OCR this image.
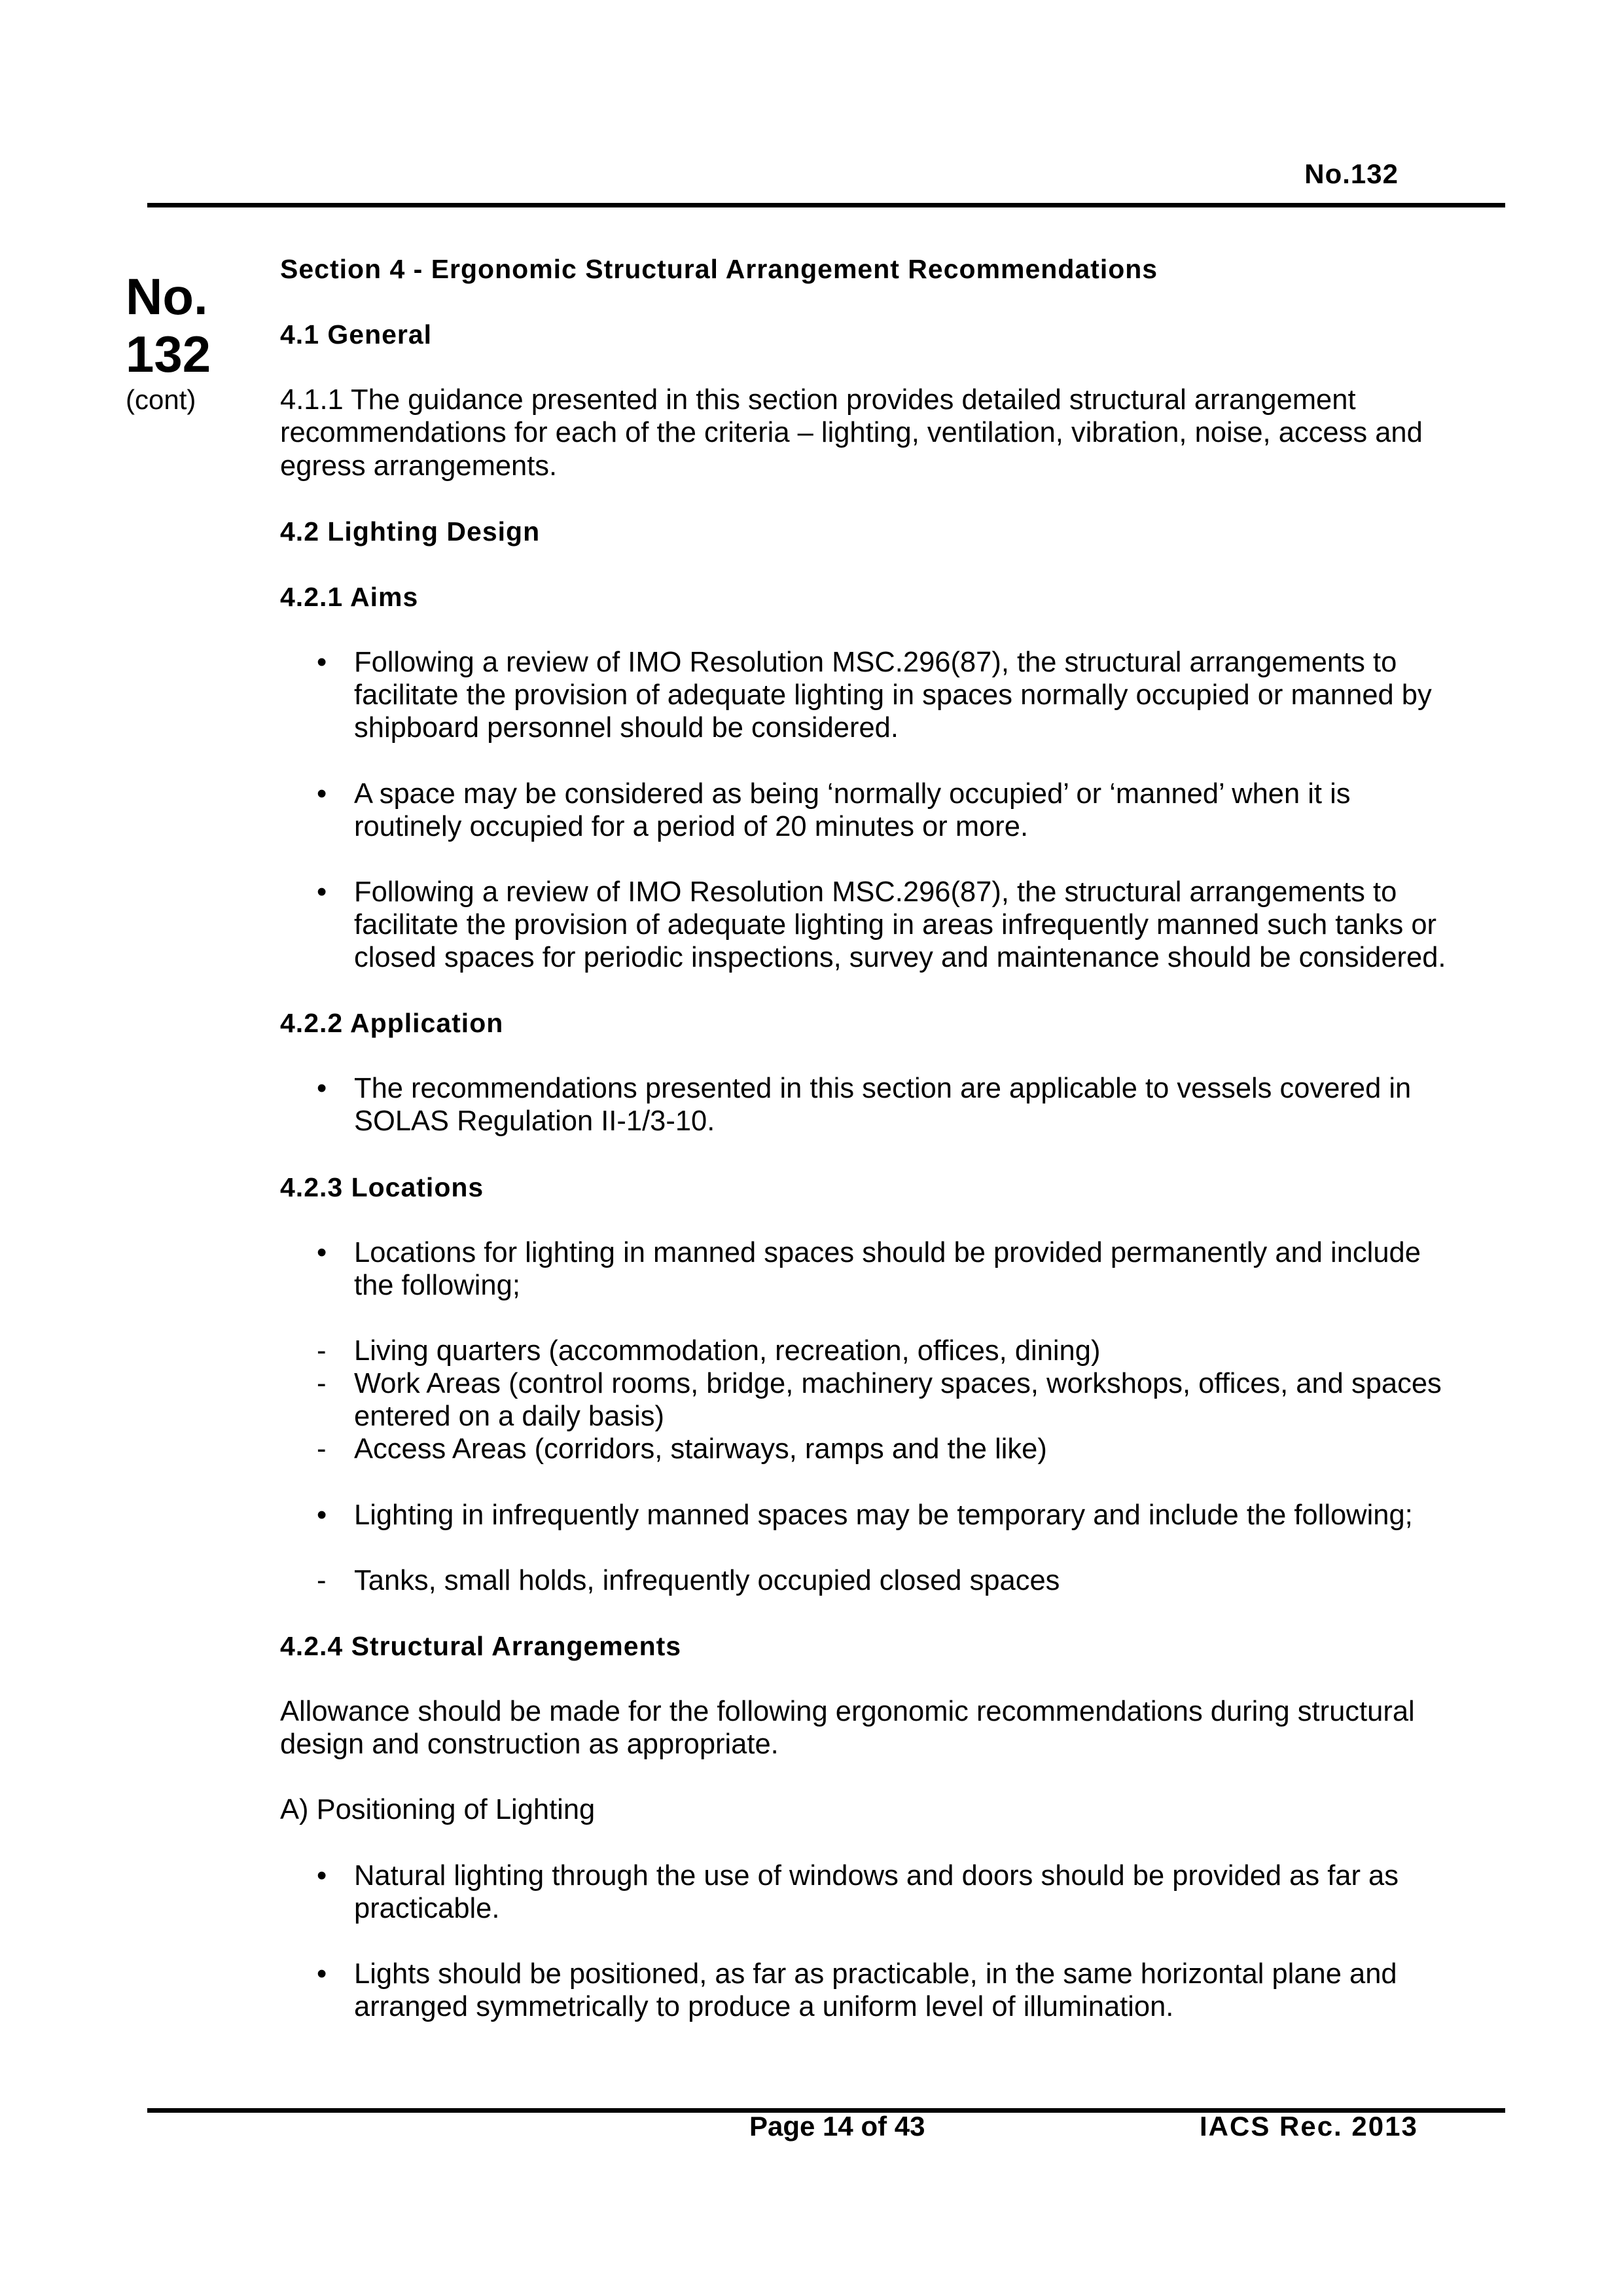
No.132
No.
132
(cont)
Section 4 - Ergonomic Structural Arrangement Recommendations
4.1 General
4.1.1 The guidance presented in this section provides detailed structural arrangement
recommendations for each of the criteria – lighting, ventilation, vibration, noise, access and
egress arrangements.
4.2 Lighting Design
4.2.1 Aims
• Following a review of IMO Resolution MSC.296(87), the structural arrangements to
facilitate the provision of adequate lighting in spaces normally occupied or manned by
shipboard personnel should be considered.
• A space may be considered as being ‘normally occupied’ or ‘manned’ when it is
routinely occupied for a period of 20 minutes or more.
• Following a review of IMO Resolution MSC.296(87), the structural arrangements to
facilitate the provision of adequate lighting in areas infrequently manned such tanks or
closed spaces for periodic inspections, survey and maintenance should be considered.
4.2.2 Application
• The recommendations presented in this section are applicable to vessels covered in
SOLAS Regulation II-1/3-10.
4.2.3 Locations
• Locations for lighting in manned spaces should be provided permanently and include
the following;
- Living quarters (accommodation, recreation, offices, dining)
- Work Areas (control rooms, bridge, machinery spaces, workshops, offices, and spaces
entered on a daily basis)
- Access Areas (corridors, stairways, ramps and the like)
• Lighting in infrequently manned spaces may be temporary and include the following;
- Tanks, small holds, infrequently occupied closed spaces
4.2.4 Structural Arrangements
Allowance should be made for the following ergonomic recommendations during structural
design and construction as appropriate.
A) Positioning of Lighting
• Natural lighting through the use of windows and doors should be provided as far as
practicable.
• Lights should be positioned, as far as practicable, in the same horizontal plane and
arranged symmetrically to produce a uniform level of illumination.
Page 14 of 43	IACS Rec. 2013
